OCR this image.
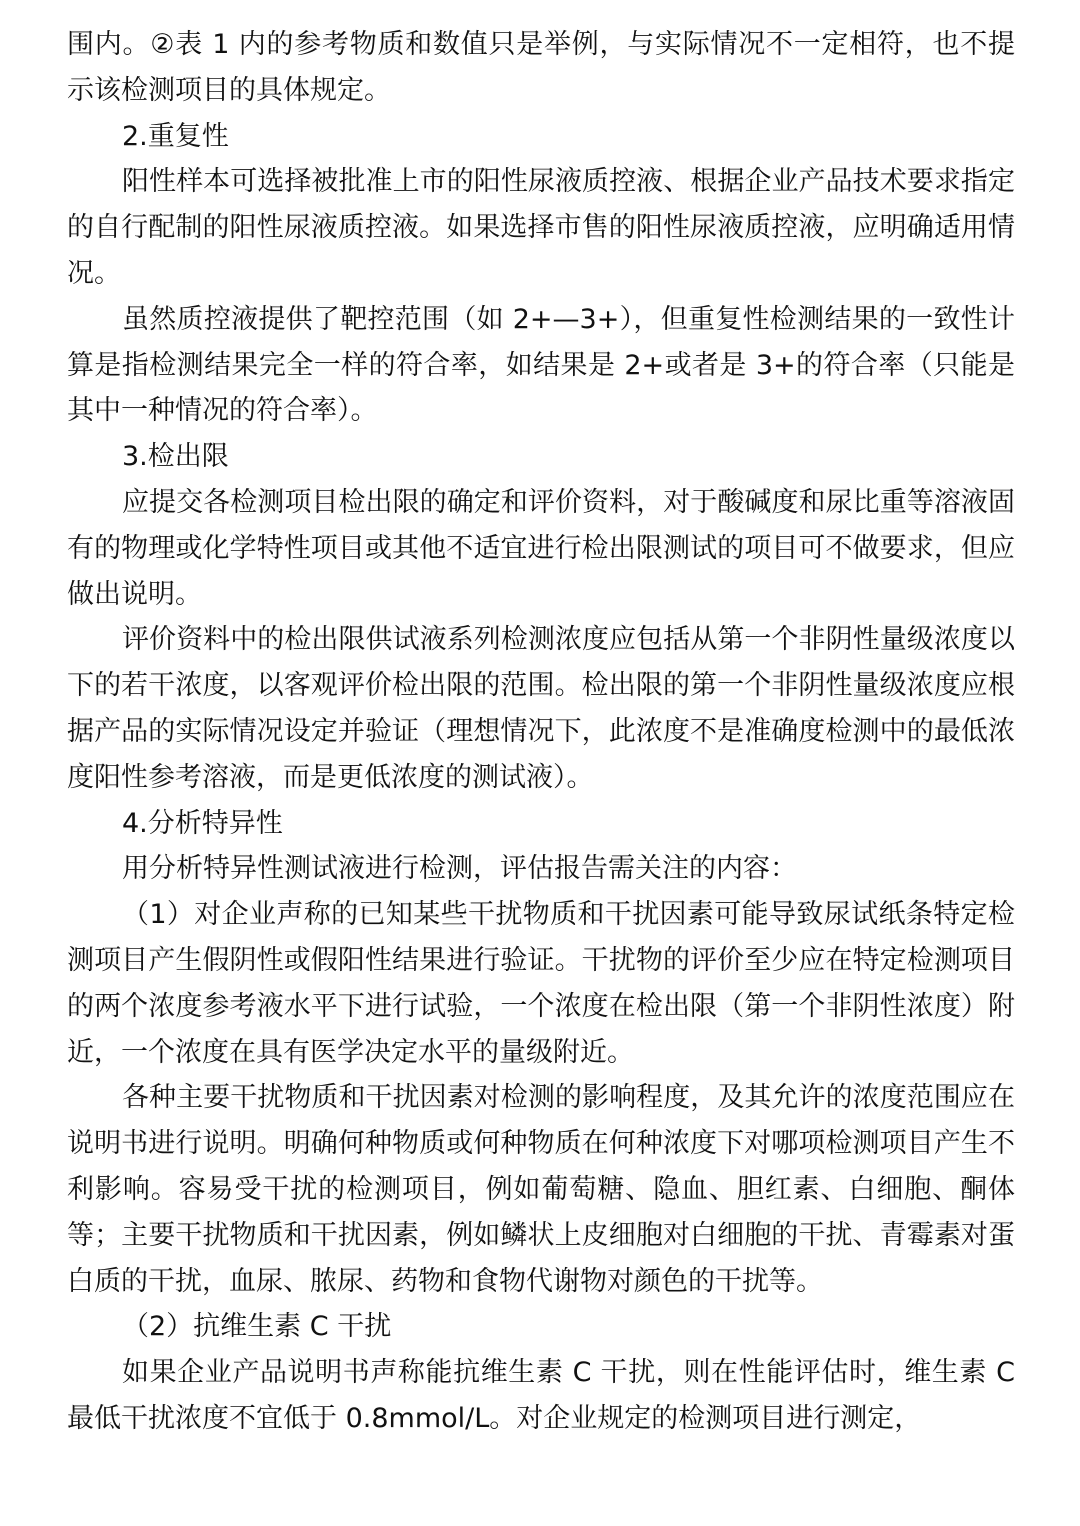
围内。②表 1 内的参考物质和数值只是举例，与实际情况不一定相符，也不提示该检测项目的具体规定。

2.重复性

阳性样本可选择被批准上市的阳性尿液质控液、根据企业产品技术要求指定的自行配制的阳性尿液质控液。如果选择市售的阳性尿液质控液，应明确适用情况。

虽然质控液提供了靶控范围（如 2+—3+），但重复性检测结果的一致性计算是指检测结果完全一样的符合率，如结果是 2+或者是 3+的符合率（只能是其中一种情况的符合率）。

3.检出限

应提交各检测项目检出限的确定和评价资料，对于酸碱度和尿比重等溶液固有的物理或化学特性项目或其他不适宜进行检出限测试的项目可不做要求，但应做出说明。

评价资料中的检出限供试液系列检测浓度应包括从第一个非阴性量级浓度以下的若干浓度，以客观评价检出限的范围。检出限的第一个非阴性量级浓度应根据产品的实际情况设定并验证（理想情况下，此浓度不是准确度检测中的最低浓度阳性参考溶液，而是更低浓度的测试液）。

4.分析特异性

用分析特异性测试液进行检测，评估报告需关注的内容：

（1）对企业声称的已知某些干扰物质和干扰因素可能导致尿试纸条特定检测项目产生假阴性或假阳性结果进行验证。干扰物的评价至少应在特定检测项目的两个浓度参考液水平下进行试验，一个浓度在检出限（第一个非阴性浓度）附近，一个浓度在具有医学决定水平的量级附近。

各种主要干扰物质和干扰因素对检测的影响程度，及其允许的浓度范围应在说明书进行说明。明确何种物质或何种物质在何种浓度下对哪项检测项目产生不利影响。容易受干扰的检测项目，例如葡萄糖、隐血、胆红素、白细胞、酮体等；主要干扰物质和干扰因素，例如鳞状上皮细胞对白细胞的干扰、青霉素对蛋白质的干扰，血尿、脓尿、药物和食物代谢物对颜色的干扰等。

（2）抗维生素 C 干扰

如果企业产品说明书声称能抗维生素 C 干扰，则在性能评估时，维生素 C 最低干扰浓度不宜低于 0.8mmol/L。对企业规定的检测项目进行测定，
